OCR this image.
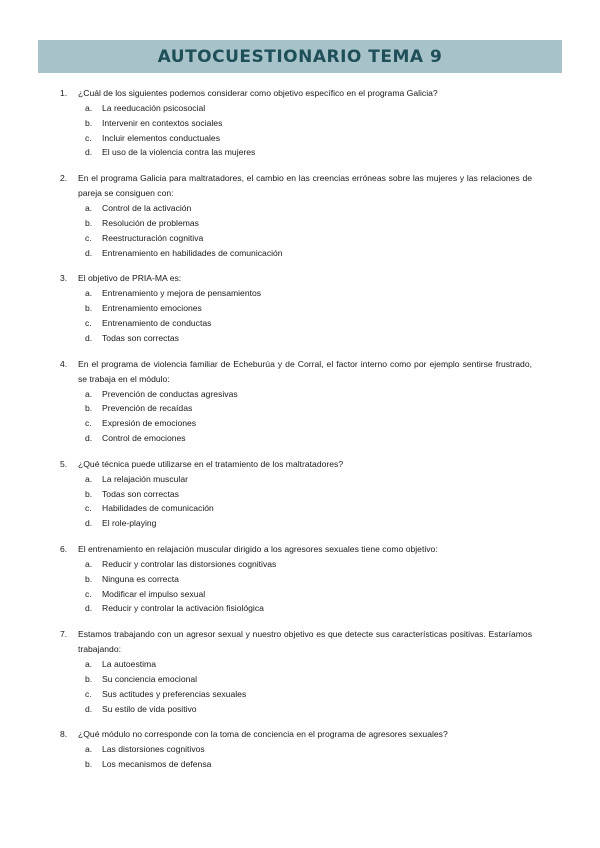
AUTOCUESTIONARIO TEMA 9
1. ¿Cuál de los siguientes podemos considerar como objetivo específico en el programa Galicia?
a. La reeducación psicosocial
b. Intervenir en contextos sociales
c. Incluir elementos conductuales
d. El uso de la violencia contra las mujeres
2. En el programa Galicia para maltratadores, el cambio en las creencias erróneas sobre las mujeres y las relaciones de pareja se consiguen con:
a. Control de la activación
b. Resolución de problemas
c. Reestructuración cognitiva
d. Entrenamiento en habilidades de comunicación
3. El objetivo de PRIA-MA es:
a. Entrenamiento y mejora de pensamientos
b. Entrenamiento emociones
c. Entrenamiento de conductas
d. Todas son correctas
4. En el programa de violencia familiar de Echeburúa y de Corral, el factor interno como por ejemplo sentirse frustrado, se trabaja en el módulo:
a. Prevención de conductas agresivas
b. Prevención de recaídas
c. Expresión de emociones
d. Control de emociones
5. ¿Qué técnica puede utilizarse en el tratamiento de los maltratadores?
a. La relajación muscular
b. Todas son correctas
c. Habilidades de comunicación
d. El role-playing
6. El entrenamiento en relajación muscular dirigido a los agresores sexuales tiene como objetivo:
a. Reducir y controlar las distorsiones cognitivas
b. Ninguna es correcta
c. Modificar el impulso sexual
d. Reducir y controlar la activación fisiológica
7. Estamos trabajando con un agresor sexual y nuestro objetivo es que detecte sus características positivas. Estaríamos trabajando:
a. La autoestima
b. Su conciencia emocional
c. Sus actitudes y preferencias sexuales
d. Su estilo de vida positivo
8. ¿Qué módulo no corresponde con la toma de conciencia en el programa de agresores sexuales?
a. Las distorsiones cognitivos
b. Los mecanismos de defensa
